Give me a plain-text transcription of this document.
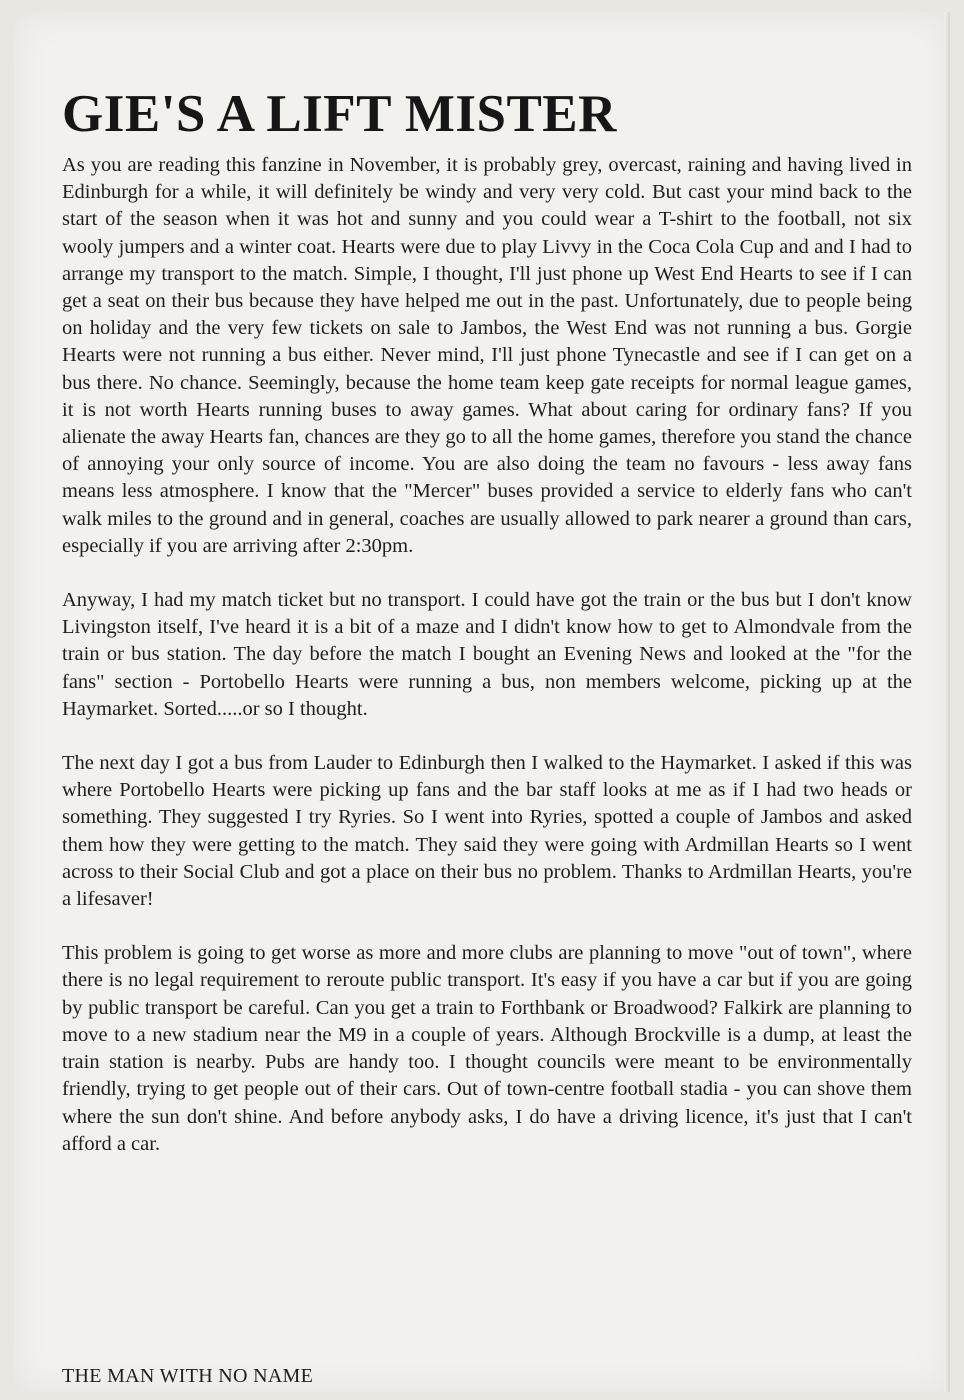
GIE'S A LIFT MISTER

As you are reading this fanzine in November, it is probably grey, overcast, raining and having lived in Edinburgh for a while, it will definitely be windy and very very cold. But cast your mind back to the start of the season when it was hot and sunny and you could wear a T-shirt to the football, not six wooly jumpers and a winter coat. Hearts were due to play Livvy in the Coca Cola Cup and and I had to arrange my transport to the match. Simple, I thought, I'll just phone up West End Hearts to see if I can get a seat on their bus because they have helped me out in the past. Unfortunately, due to people being on holiday and the very few tickets on sale to Jambos, the West End was not running a bus. Gorgie Hearts were not running a bus either. Never mind, I'll just phone Tynecastle and see if I can get on a bus there. No chance. Seemingly, because the home team keep gate receipts for normal league games, it is not worth Hearts running buses to away games. What about caring for ordinary fans? If you alienate the away Hearts fan, chances are they go to all the home games, therefore you stand the chance of annoying your only source of income. You are also doing the team no favours - less away fans means less atmosphere. I know that the "Mercer" buses provided a service to elderly fans who can't walk miles to the ground and in general, coaches are usually allowed to park nearer a ground than cars, especially if you are arriving after 2:30pm.

Anyway, I had my match ticket but no transport. I could have got the train or the bus but I don't know Livingston itself, I've heard it is a bit of a maze and I didn't know how to get to Almondvale from the train or bus station. The day before the match I bought an Evening News and looked at the "for the fans" section - Portobello Hearts were running a bus, non members welcome, picking up at the Haymarket. Sorted.....or so I thought.

The next day I got a bus from Lauder to Edinburgh then I walked to the Haymarket. I asked if this was where Portobello Hearts were picking up fans and the bar staff looks at me as if I had two heads or something. They suggested I try Ryries. So I went into Ryries, spotted a couple of Jambos and asked them how they were getting to the match. They said they were going with Ardmillan Hearts so I went across to their Social Club and got a place on their bus no problem. Thanks to Ardmillan Hearts, you're a lifesaver!

This problem is going to get worse as more and more clubs are planning to move "out of town", where there is no legal requirement to reroute public transport. It's easy if you have a car but if you are going by public transport be careful. Can you get a train to Forthbank or Broadwood? Falkirk are planning to move to a new stadium near the M9 in a couple of years. Although Brockville is a dump, at least the train station is nearby. Pubs are handy too. I thought councils were meant to be environmentally friendly, trying to get people out of their cars. Out of town-centre football stadia - you can shove them where the sun don't shine. And before anybody asks, I do have a driving licence, it's just that I can't afford a car.

THE MAN WITH NO NAME
